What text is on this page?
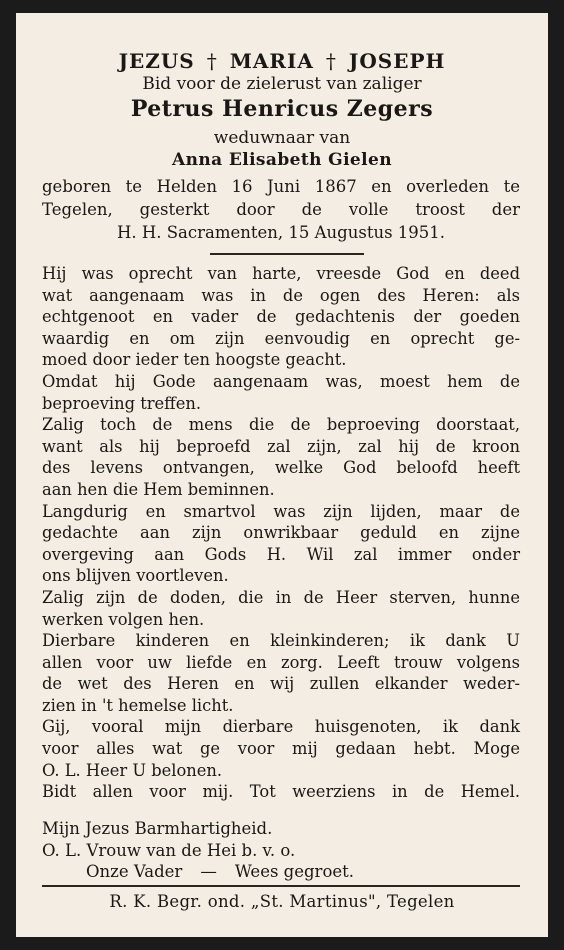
JEZUS † MARIA † JOSEPH
Bid voor de zielerust van zaliger
Petrus Henricus Zegers
weduwnaar van
Anna Elisabeth Gielen
geboren te Helden 16 Juni 1867 en overleden te
Tegelen, gesterkt door de volle troost der
H. H. Sacramenten, 15 Augustus 1951.

Hij was oprecht van harte, vreesde God en deed

wat aangenaam was in de ogen des Heren: als

echtgenoot en vader de gedachtenis der goeden

waardig en om zijn eenvoudig en oprecht ge-

moed door ieder ten hoogste geacht.

Omdat hij Gode aangenaam was, moest hem de

beproeving treffen.

Zalig toch de mens die de beproeving doorstaat,

want als hij beproefd zal zijn, zal hij de kroon

des levens ontvangen, welke God beloofd heeft

aan hen die Hem beminnen.

Langdurig en smartvol was zijn lijden, maar de

gedachte aan zijn onwrikbaar geduld en zijne

overgeving aan Gods H. Wil zal immer onder

ons blijven voortleven.

Zalig zijn de doden, die in de Heer sterven, hunne

werken volgen hen.

Dierbare kinderen en kleinkinderen; ik dank U

allen voor uw liefde en zorg. Leeft trouw volgens

de wet des Heren en wij zullen elkander weder-

zien in 't hemelse licht.

Gij, vooral mijn dierbare huisgenoten, ik dank

voor alles wat ge voor mij gedaan hebt. Moge

O. L. Heer U belonen.

Bidt allen voor mij. Tot weerziens in de Hemel.

Mijn Jezus Barmhartigheid.
O. L. Vrouw van de Hei b. v. o.
Onze Vader — Wees gegroet.
R. K. Begr. ond. „St. Martinus", Tegelen
